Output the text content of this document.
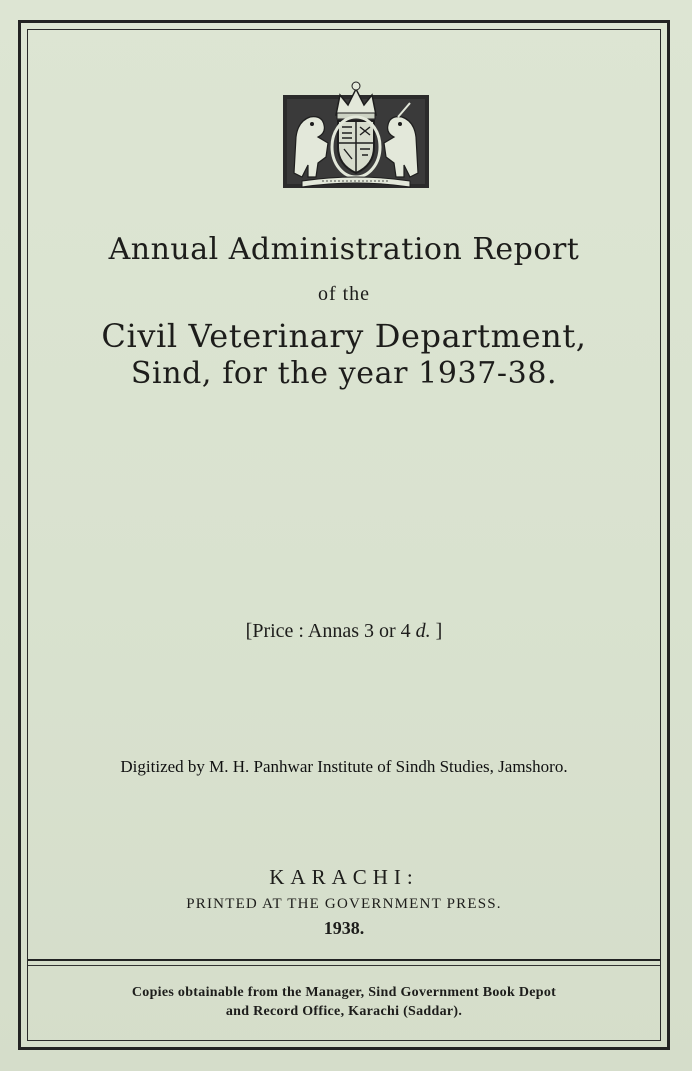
Annual Administration Report
of the
Civil Veterinary Department,
Sind, for the year 1937-38.
[Price : Annas 3 or 4 d. ]
Digitized by M. H. Panhwar Institute of Sindh Studies, Jamshoro.
KARACHI:
PRINTED AT THE GOVERNMENT PRESS.
1938.
Copies obtainable from the Manager, Sind Government Book Depot
and Record Office, Karachi (Saddar).
